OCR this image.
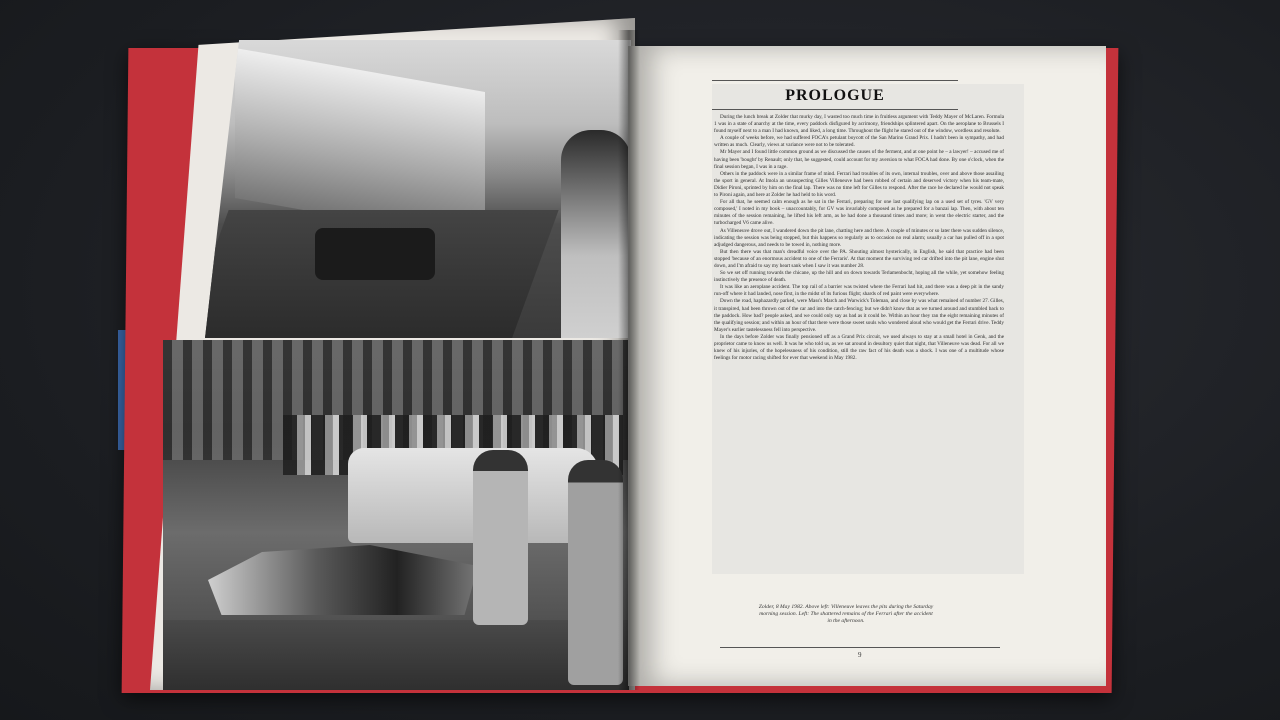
PROLOGUE

During the lunch break at Zolder that murky day, I wasted too much time in fruitless argument with Teddy Mayer of McLaren. Formula 1 was in a state of anarchy at the time, every paddock disfigured by acrimony, friendships splintered apart. On the aeroplane to Brussels I found myself next to a man I had known, and liked, a long time. Throughout the flight he stared out of the window, wordless and resolute.

A couple of weeks before, we had suffered FOCA's petulant boycott of the San Marino Grand Prix. I hadn't been in sympathy, and had written as much. Clearly, views at variance were not to be tolerated.

Mr Mayer and I found little common ground as we discussed the causes of the ferment, and at one point he – a lawyer! – accused me of having been 'bought' by Renault; only that, he suggested, could account for my aversion to what FOCA had done. By one o'clock, when the final session began, I was in a rage.

Others in the paddock were in a similar frame of mind. Ferrari had troubles of its own, internal troubles, over and above those assailing the sport in general. At Imola an unsuspecting Gilles Villeneuve had been robbed of certain and deserved victory when his team-mate, Didier Pironi, sprinted by him on the final lap. There was no time left for Gilles to respond. After the race he declared he would not speak to Pironi again, and here at Zolder he had held to his word.

For all that, he seemed calm enough as he sat in the Ferrari, preparing for one last qualifying lap on a used set of tyres. 'GV very composed,' I noted in my book – unaccountably, for GV was invariably composed as he prepared for a banzai lap. Then, with about ten minutes of the session remaining, he lifted his left arm, as he had done a thousand times and more; in went the electric starter, and the turbocharged V6 came alive.

As Villeneuve drove out, I wandered down the pit lane, chatting here and there. A couple of minutes or so later there was sudden silence, indicating the session was being stopped, but this happens so regularly as to occasion no real alarm; usually a car has pulled off in a spot adjudged dangerous, and needs to be towed in, nothing more.

But then there was that man's dreadful voice over the PA. Shouting almost hysterically, in English, he said that practice had been stopped 'because of an enormous accident to one of the Ferraris'. At that moment the surviving red car drifted into the pit lane, engine shut down, and I'm afraid to say my heart sank when I saw it was number 28.

So we set off running towards the chicane, up the hill and on down towards Terlamenbocht, hoping all the while, yet somehow feeling instinctively the presence of death.

It was like an aeroplane accident. The top rail of a barrier was twisted where the Ferrari had hit, and there was a deep pit in the sandy run-off where it had landed, nose first, in the midst of its furious flight; shards of red paint were everywhere.

Down the road, haphazardly parked, were Mass's March and Warwick's Toleman, and close by was what remained of number 27. Gilles, it transpired, had been thrown out of the car and into the catch-fencing; but we didn't know that as we turned around and stumbled back to the paddock. How bad? people asked, and we could only say as bad as it could be. Within an hour they ran the eight remaining minutes of the qualifying session; and within an hour of that there were those sweet souls who wondered aloud who would get the Ferrari drive. Teddy Mayer's earlier tastelessness fell into perspective.

In the days before Zolder was finally pensioned off as a Grand Prix circuit, we used always to stay at a small hotel in Genk, and the proprietor came to know us well. It was he who told us, as we sat around in desultory quiet that night, that Villeneuve was dead. For all we knew of his injuries, of the hopelessness of his condition, still the raw fact of his death was a shock. I was one of a multitude whose feelings for motor racing shifted for ever that weekend in May 1982.

Zolder, 8 May 1982. Above left: Villeneuve leaves the pits during the Saturday morning session. Left: The shattered remains of the Ferrari after the accident in the afternoon.
9
